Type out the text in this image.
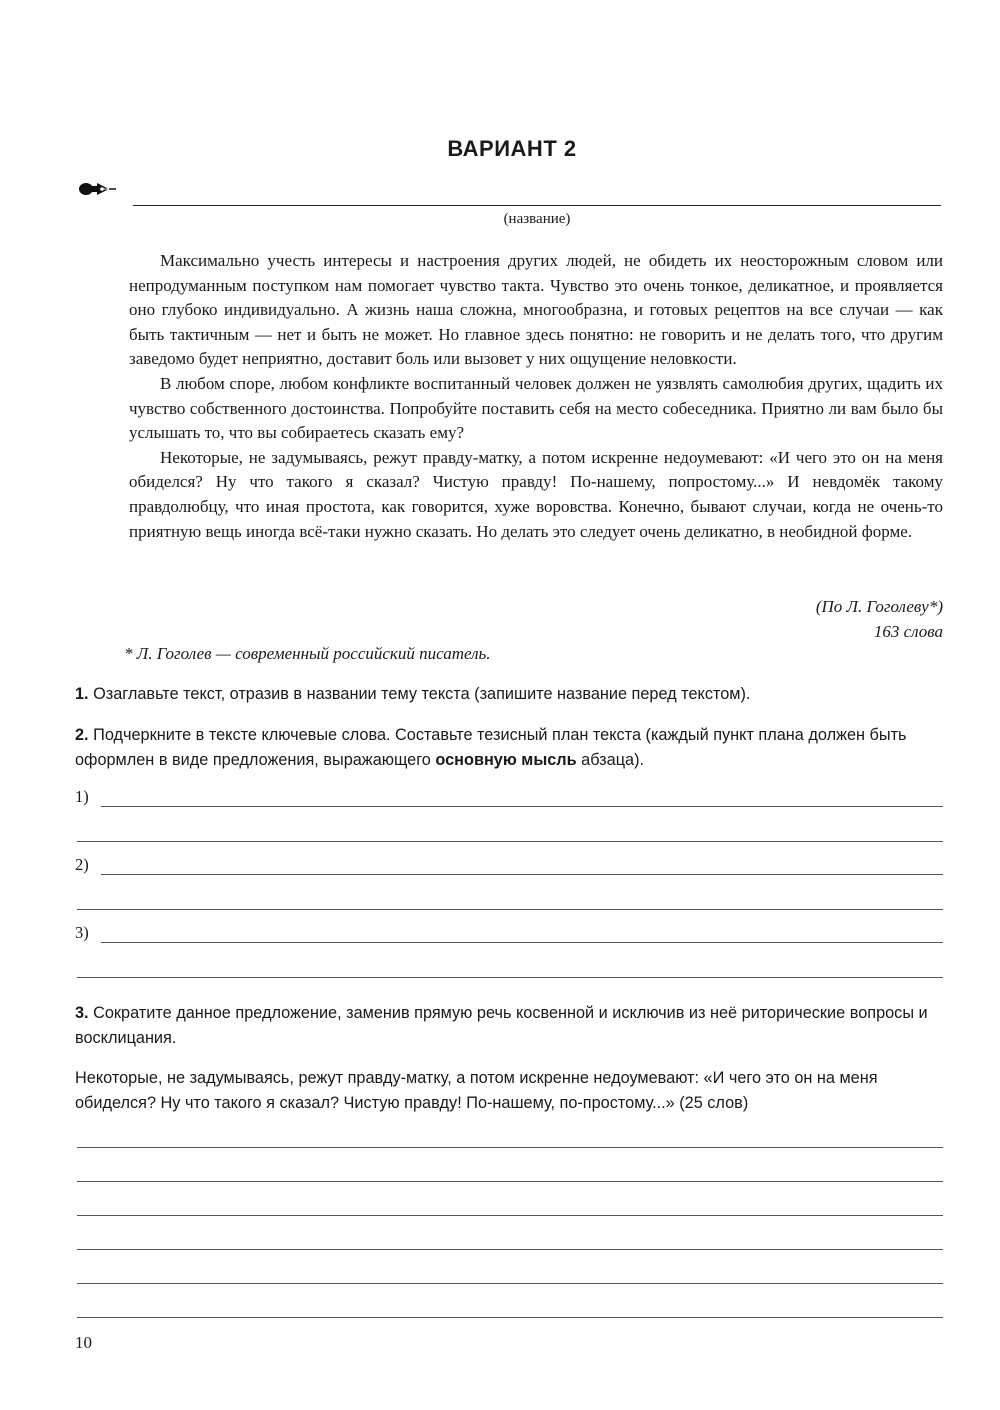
ВАРИАНТ 2
(название)

Максимально учесть интересы и настроения других людей, не обидеть их неосторожным словом или непродуманным поступком нам помогает чувство такта. Чувство это очень тонкое, деликатное, и проявляется оно глубоко индивидуально. А жизнь наша сложна, многообразна, и готовых рецептов на все случаи — как быть тактичным — нет и быть не может. Но главное здесь понятно: не говорить и не делать того, что другим заведомо будет неприятно, доставит боль или вызовет у них ощущение неловкости.

В любом споре, любом конфликте воспитанный человек должен не уязвлять самолюбия других, щадить их чувство собственного достоинства. Попробуйте поставить себя на место собеседника. Приятно ли вам было бы услышать то, что вы собираетесь сказать ему?

Некоторые, не задумываясь, режут правду-матку, а потом искренне недоумевают: «И чего это он на меня обиделся? Ну что такого я сказал? Чистую правду! По-нашему, попростому...» И невдомёк такому правдолюбцу, что иная простота, как говорится, хуже воровства. Конечно, бывают случаи, когда не очень-то приятную вещь иногда всё-таки нужно сказать. Но делать это следует очень деликатно, в необидной форме.

(По Л. Гоголеву*)
163 слова
* Л. Гоголев — современный российский писатель.
1. Озаглавьте текст, отразив в названии тему текста (запишите название перед текстом).
2. Подчеркните в тексте ключевые слова. Составьте тезисный план текста (каждый пункт плана должен быть оформлен в виде предложения, выражающего основную мысль абзаца).
1)
2)
3)
3. Сократите данное предложение, заменив прямую речь косвенной и исключив из неё риторические вопросы и восклицания.
Некоторые, не задумываясь, режут правду-матку, а потом искренне недоумевают: «И чего это он на меня обиделся? Ну что такого я сказал? Чистую правду! По-нашему, по-простому...» (25 слов)
10
